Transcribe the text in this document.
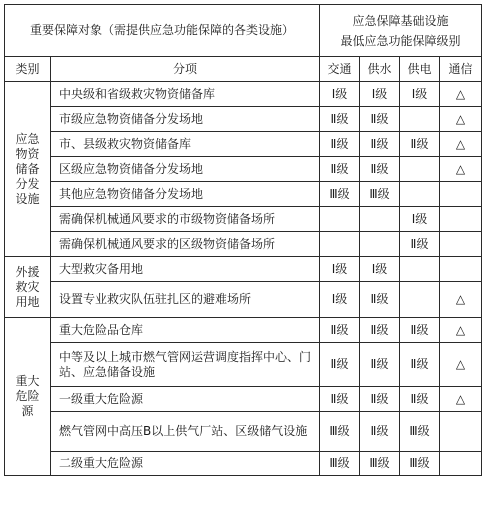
重要保障对象（需提供应急功能保障的各类设施）		应急保障基础设施
最低应急功能保障级别			

类别	分项	交通	供水	供电	通信

应急
物资
储备
分发
设施	中央级和省级救灾物资储备库	Ⅰ级	Ⅰ级	Ⅰ级	△
	市级应急物资储备分发场地	Ⅱ级	Ⅱ级		△
	市、县级救灾物资储备库	Ⅱ级	Ⅱ级	Ⅱ级	△
	区级应急物资储备分发场地	Ⅱ级	Ⅱ级		△
	其他应急物资储备分发场地	Ⅲ级	Ⅲ级		
	需确保机械通风要求的市级物资储备场所			Ⅰ级	
	需确保机械通风要求的区级物资储备场所			Ⅱ级	

外援
救灾
用地	大型救灾备用地	Ⅰ级	Ⅰ级		
	设置专业救灾队伍驻扎区的避难场所	Ⅰ级	Ⅱ级		△

重大
危险
源	重大危险品仓库	Ⅱ级	Ⅱ级	Ⅱ级	△
	中等及以上城市燃气管网运营调度指挥中心、门站、应急储备设施	Ⅱ级	Ⅱ级	Ⅱ级	△
	一级重大危险源	Ⅱ级	Ⅱ级	Ⅱ级	△
	燃气管网中高压B以上供气厂站、区级储气设施	Ⅲ级	Ⅱ级	Ⅲ级	
	二级重大危险源	Ⅲ级	Ⅲ级	Ⅲ级	
